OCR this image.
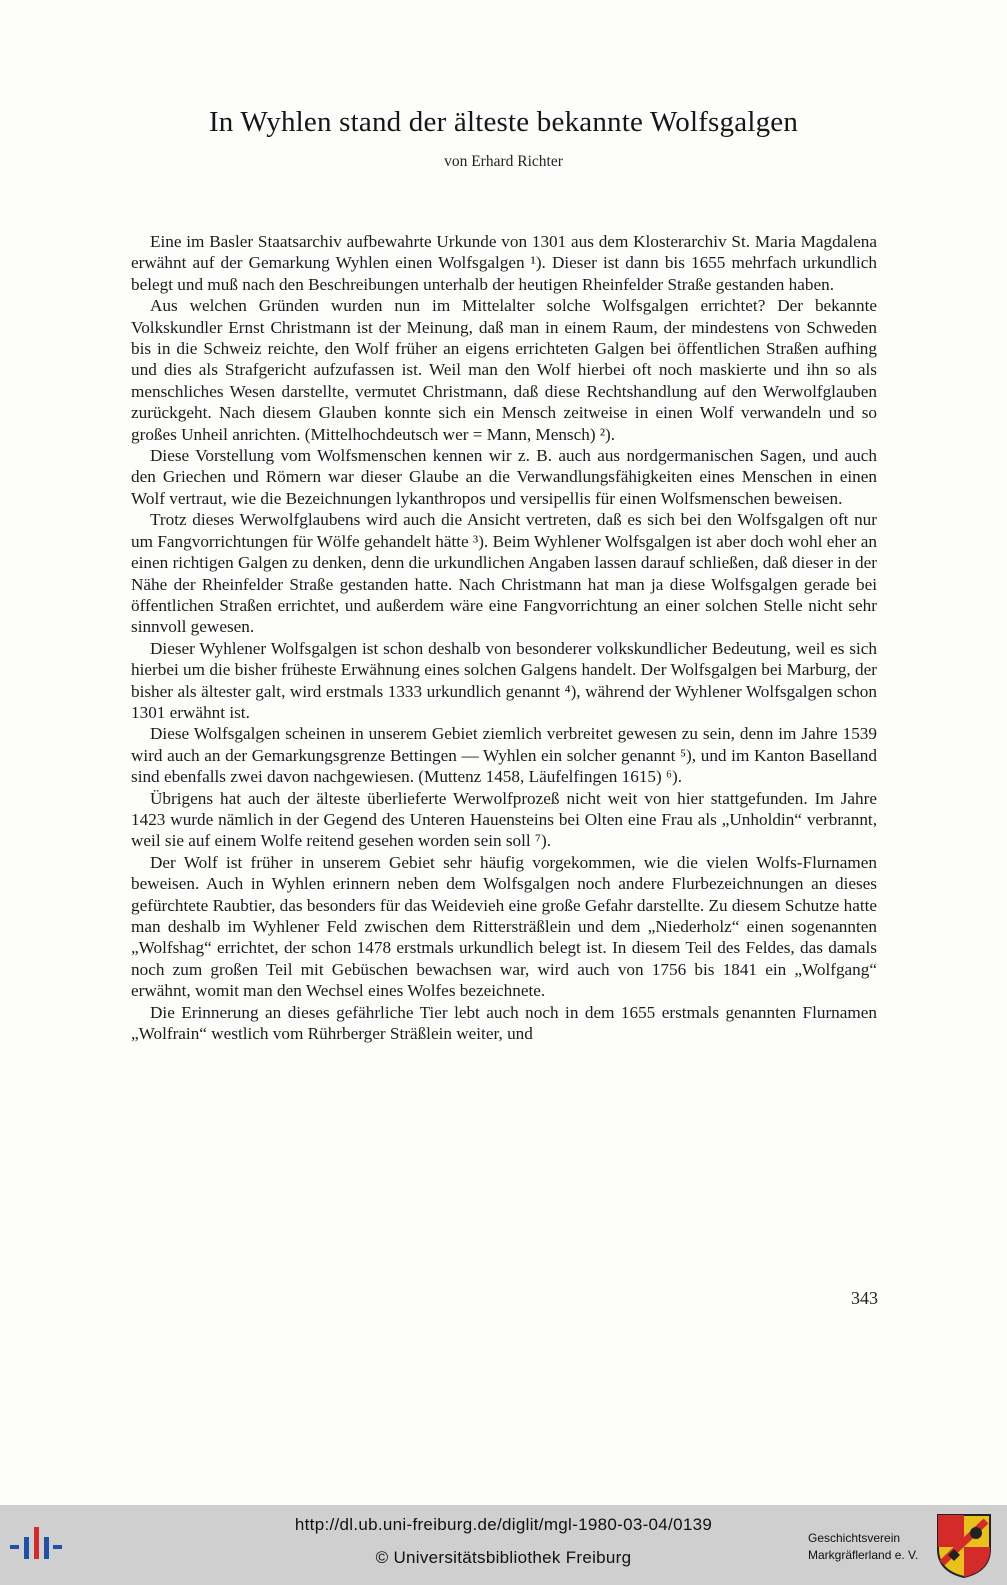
In Wyhlen stand der älteste bekannte Wolfsgalgen
von Erhard Richter

Eine im Basler Staatsarchiv aufbewahrte Urkunde von 1301 aus dem Klosterarchiv St. Maria Magdalena erwähnt auf der Gemarkung Wyhlen einen Wolfsgalgen ¹). Dieser ist dann bis 1655 mehrfach urkundlich belegt und muß nach den Beschreibungen unterhalb der heutigen Rheinfelder Straße gestanden haben.

Aus welchen Gründen wurden nun im Mittelalter solche Wolfsgalgen errichtet? Der bekannte Volkskundler Ernst Christmann ist der Meinung, daß man in einem Raum, der mindestens von Schweden bis in die Schweiz reichte, den Wolf früher an eigens errichteten Galgen bei öffentlichen Straßen aufhing und dies als Strafgericht aufzufassen ist. Weil man den Wolf hierbei oft noch maskierte und ihn so als menschliches Wesen darstellte, vermutet Christmann, daß diese Rechtshandlung auf den Werwolfglauben zurückgeht. Nach diesem Glauben konnte sich ein Mensch zeitweise in einen Wolf verwandeln und so großes Unheil anrichten. (Mittelhochdeutsch wer = Mann, Mensch) ²).

Diese Vorstellung vom Wolfsmenschen kennen wir z. B. auch aus nordgermanischen Sagen, und auch den Griechen und Römern war dieser Glaube an die Verwandlungsfähigkeiten eines Menschen in einen Wolf vertraut, wie die Bezeichnungen lykanthropos und versipellis für einen Wolfsmenschen beweisen.

Trotz dieses Werwolfglaubens wird auch die Ansicht vertreten, daß es sich bei den Wolfsgalgen oft nur um Fangvorrichtungen für Wölfe gehandelt hätte ³). Beim Wyhlener Wolfsgalgen ist aber doch wohl eher an einen richtigen Galgen zu denken, denn die urkundlichen Angaben lassen darauf schließen, daß dieser in der Nähe der Rheinfelder Straße gestanden hatte. Nach Christmann hat man ja diese Wolfsgalgen gerade bei öffentlichen Straßen errichtet, und außerdem wäre eine Fangvorrichtung an einer solchen Stelle nicht sehr sinnvoll gewesen.

Dieser Wyhlener Wolfsgalgen ist schon deshalb von besonderer volkskundlicher Bedeutung, weil es sich hierbei um die bisher früheste Erwähnung eines solchen Galgens handelt. Der Wolfsgalgen bei Marburg, der bisher als ältester galt, wird erstmals 1333 urkundlich genannt ⁴), während der Wyhlener Wolfsgalgen schon 1301 erwähnt ist.

Diese Wolfsgalgen scheinen in unserem Gebiet ziemlich verbreitet gewesen zu sein, denn im Jahre 1539 wird auch an der Gemarkungsgrenze Bettingen — Wyhlen ein solcher genannt ⁵), und im Kanton Baselland sind ebenfalls zwei davon nachgewiesen. (Muttenz 1458, Läufelfingen 1615) ⁶).

Übrigens hat auch der älteste überlieferte Werwolfprozeß nicht weit von hier stattgefunden. Im Jahre 1423 wurde nämlich in der Gegend des Unteren Hauensteins bei Olten eine Frau als „Unholdin“ verbrannt, weil sie auf einem Wolfe reitend gesehen worden sein soll ⁷).

Der Wolf ist früher in unserem Gebiet sehr häufig vorgekommen, wie die vielen Wolfs-Flurnamen beweisen. Auch in Wyhlen erinnern neben dem Wolfsgalgen noch andere Flurbezeichnungen an dieses gefürchtete Raubtier, das besonders für das Weidevieh eine große Gefahr darstellte. Zu diesem Schutze hatte man deshalb im Wyhlener Feld zwischen dem Rittersträßlein und dem „Niederholz“ einen sogenannten „Wolfshag“ errichtet, der schon 1478 erstmals urkundlich belegt ist. In diesem Teil des Feldes, das damals noch zum großen Teil mit Gebüschen bewachsen war, wird auch von 1756 bis 1841 ein „Wolfgang“ erwähnt, womit man den Wechsel eines Wolfes bezeichnete.

Die Erinnerung an dieses gefährliche Tier lebt auch noch in dem 1655 erstmals genannten Flurnamen „Wolfrain“ westlich vom Rührberger Sträßlein weiter, und

343
http://dl.ub.uni-freiburg.de/diglit/mgl-1980-03-04/0139
© Universitätsbibliothek Freiburg
Geschichtsverein
Markgräflerland e. V.
